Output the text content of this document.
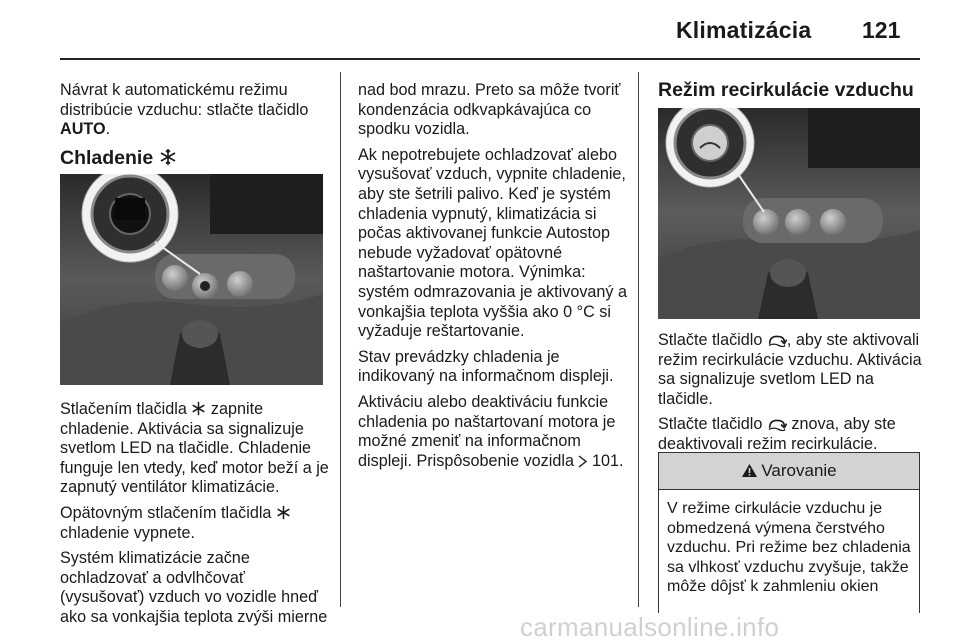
Klimatizácia 121

Návrat k automatickému režimu
distribúcie vzduchu: stlačte tlačidlo
AUTO.

Chladenie

Stlačením tlačidla  zapnite
chladenie. Aktivácia sa signalizuje
svetlom LED na tlačidle. Chladenie
funguje len vtedy, keď motor beží a je
zapnutý ventilátor klimatizácie.

Opätovným stlačením tlačidla
chladenie vypnete.

Systém klimatizácie začne
ochladzovať a odvlhčovať
(vysušovať) vzduch vo vozidle hneď
ako sa vonkajšia teplota zvýši mierne

nad bod mrazu. Preto sa môže tvoriť
kondenzácia odkvapkávajúca co
spodku vozidla.

Ak nepotrebujete ochladzovať alebo
vysušovať vzduch, vypnite chladenie,
aby ste šetrili palivo. Keď je systém
chladenia vypnutý, klimatizácia si
počas aktivovanej funkcie Autostop
nebude vyžadovať opätovné
naštartovanie motora. Výnimka:
systém odmrazovania je aktivovaný a
vonkajšia teplota vyššia ako 0 °C si
vyžaduje reštartovanie.

Stav prevádzky chladenia je
indikovaný na informačnom displeji.

Aktiváciu alebo deaktiváciu funkcie
chladenia po naštartovaní motora je
možné zmeniť na informačnom
displeji. Prispôsobenie vozidla  101.

Režim recirkulácie vzduchu

Stlačte tlačidlo , aby ste aktivovali
režim recirkulácie vzduchu. Aktivácia
sa signalizuje svetlom LED na
tlačidle.

Stlačte tlačidlo  znova, aby ste
deaktivovali režim recirkulácie.

Varovanie
V režime cirkulácie vzduchu je
obmedzená výmena čerstvého
vzduchu. Pri režime bez chladenia
sa vlhkosť vzduchu zvyšuje, takže
môže dôjsť k zahmleniu okien
carmanualsonline.info
